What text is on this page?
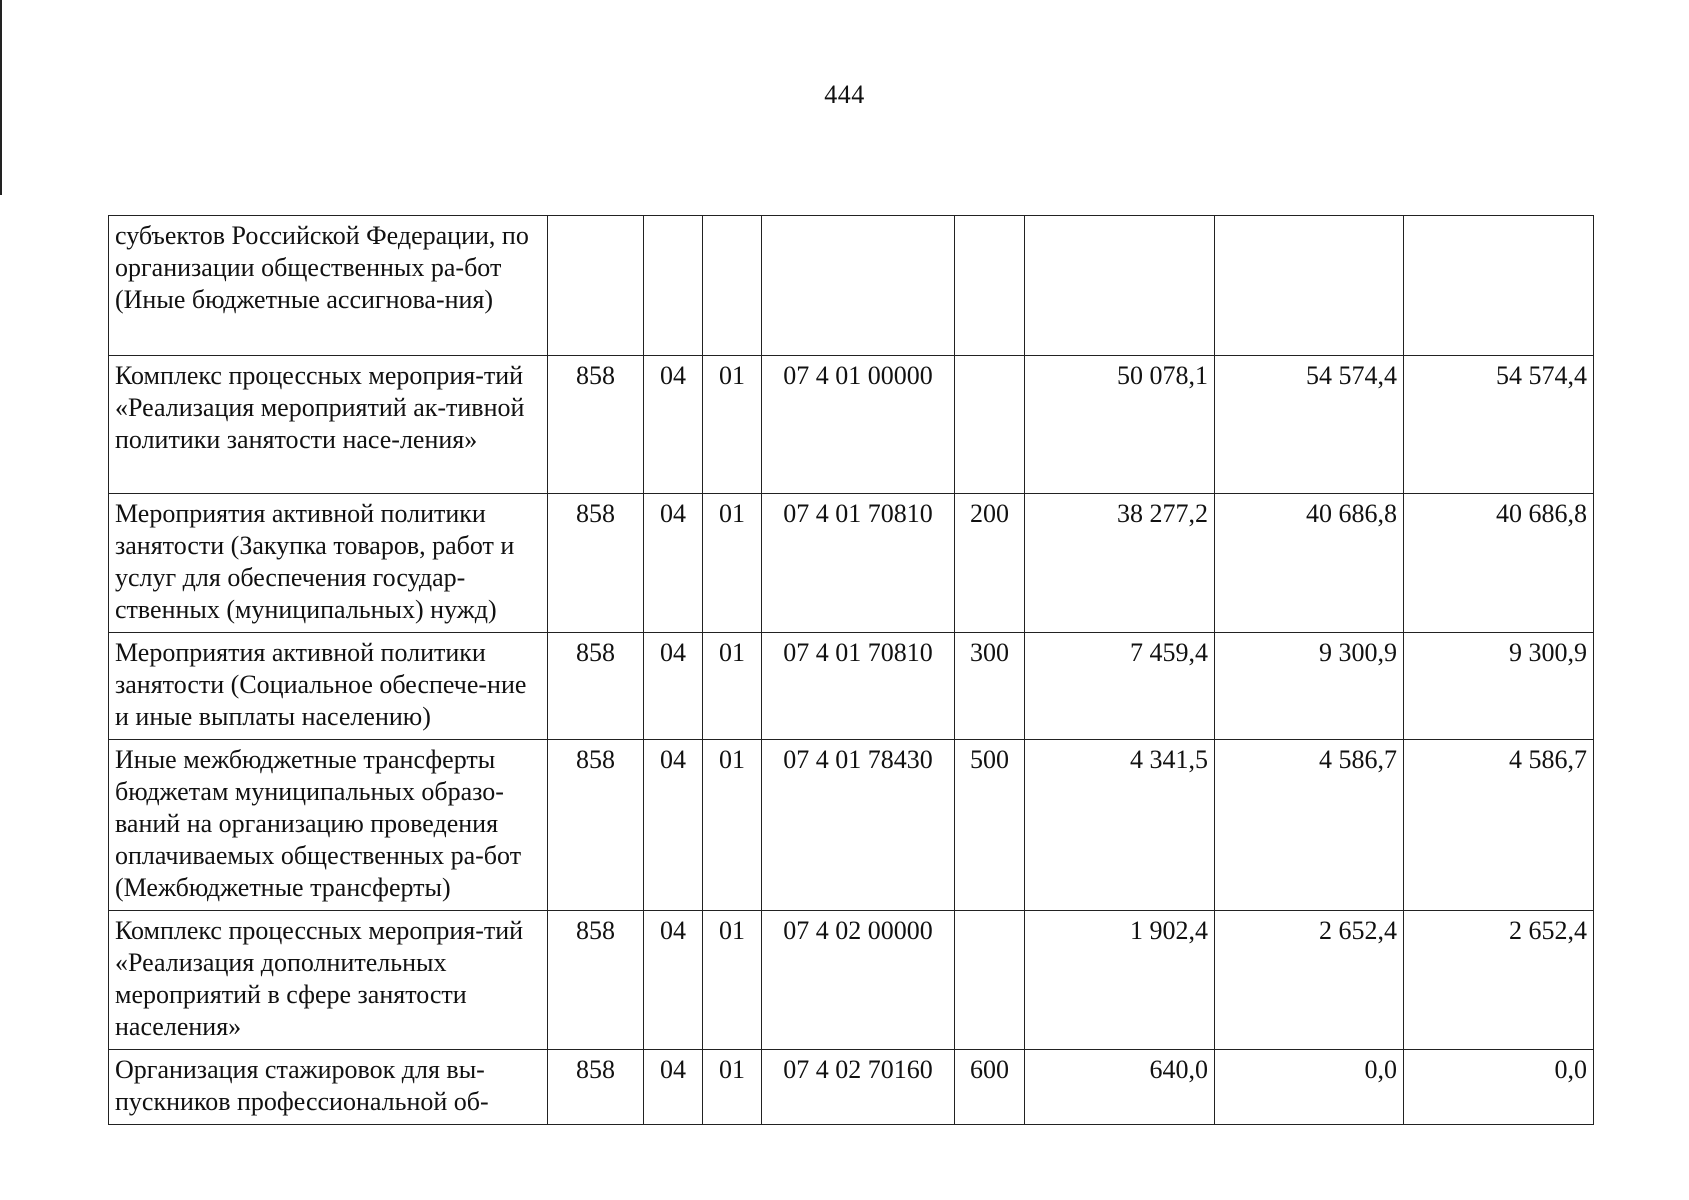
444
субъектов Российской Федерации, по организации общественных ра-бот (Иные бюджетные ассигнова-ния)								
Комплекс процессных мероприя-тий «Реализация мероприятий ак-тивной политики занятости насе-ления»	858	04	01	07 4 01 00000		50 078,1	54 574,4	54 574,4
Мероприятия активной политики занятости (Закупка товаров, работ и услуг для обеспечения государ-ственных (муниципальных) нужд)	858	04	01	07 4 01 70810	200	38 277,2	40 686,8	40 686,8
Мероприятия активной политики занятости (Социальное обеспече-ние и иные выплаты населению)	858	04	01	07 4 01 70810	300	7 459,4	9 300,9	9 300,9
Иные межбюджетные трансферты бюджетам муниципальных образо-ваний на организацию проведения оплачиваемых общественных ра-бот (Межбюджетные трансферты)	858	04	01	07 4 01 78430	500	4 341,5	4 586,7	4 586,7
Комплекс процессных мероприя-тий «Реализация дополнительных мероприятий в сфере занятости населения»	858	04	01	07 4 02 00000		1 902,4	2 652,4	2 652,4
Организация стажировок для вы-пускников профессиональной об-	858	04	01	07 4 02 70160	600	640,0	0,0	0,0
